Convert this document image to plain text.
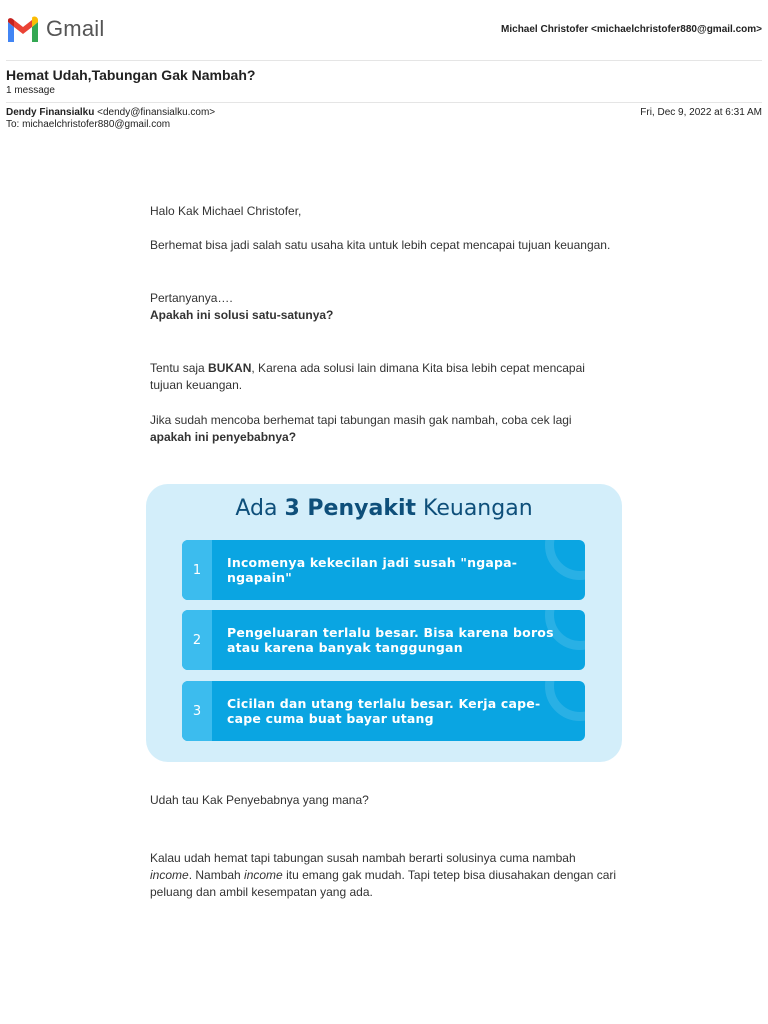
Gmail	Michael Christofer <michaelchristofer880@gmail.com>
Hemat Udah,Tabungan Gak Nambah?
1 message
Dendy Finansialku <dendy@finansialku.com>
To: michaelchristofer880@gmail.com
Fri, Dec 9, 2022 at 6:31 AM

Halo Kak Michael Christofer,

Berhemat bisa jadi salah satu usaha kita untuk lebih cepat mencapai tujuan keuangan.

Pertanyanya….

Apakah ini solusi satu-satunya?

Tentu saja BUKAN, Karena ada solusi lain dimana Kita bisa lebih cepat mencapai tujuan keuangan.

Jika sudah mencoba berhemat tapi tabungan masih gak nambah, coba cek lagi

apakah ini penyebabnya?

Ada 3 Penyakit Keuangan
1	Incomenya kekecilan jadi susah "ngapa-ngapain"
2	Pengeluaran terlalu besar. Bisa karena boros atau karena banyak tanggungan
3	Cicilan dan utang terlalu besar. Kerja cape-cape cuma buat bayar utang

Udah tau Kak Penyebabnya yang mana?

Kalau udah hemat tapi tabungan susah nambah berarti solusinya cuma nambah income. Nambah income itu emang gak mudah. Tapi tetep bisa diusahakan dengan cari peluang dan ambil kesempatan yang ada.
